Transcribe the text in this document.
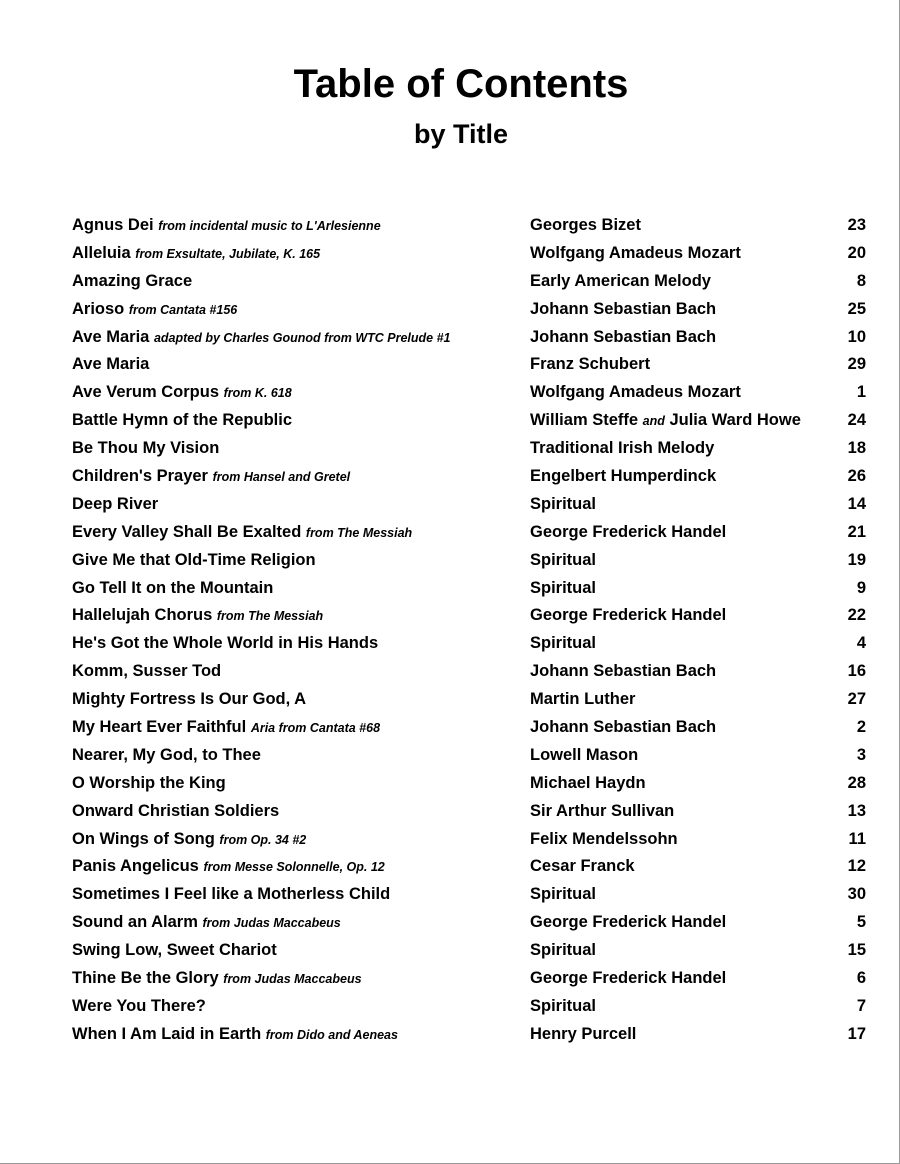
Table of Contents
by Title
Agnus Dei from incidental music to L'Arlesienne	Georges Bizet	23
Alleluia from Exsultate, Jubilate, K. 165	Wolfgang Amadeus Mozart	20
Amazing Grace	Early American Melody	8
Arioso from Cantata #156	Johann Sebastian Bach	25
Ave Maria adapted by Charles Gounod from WTC Prelude #1	Johann Sebastian Bach	10
Ave Maria	Franz Schubert	29
Ave Verum Corpus from K. 618	Wolfgang Amadeus Mozart	1
Battle Hymn of the Republic	William Steffe and Julia Ward Howe	24
Be Thou My Vision	Traditional Irish Melody	18
Children's Prayer from Hansel and Gretel	Engelbert Humperdinck	26
Deep River	Spiritual	14
Every Valley Shall Be Exalted from The Messiah	George Frederick Handel	21
Give Me that Old-Time Religion	Spiritual	19
Go Tell It on the Mountain	Spiritual	9
Hallelujah Chorus from The Messiah	George Frederick Handel	22
He's Got the Whole World in His Hands	Spiritual	4
Komm, Susser Tod	Johann Sebastian Bach	16
Mighty Fortress Is Our God, A	Martin Luther	27
My Heart Ever Faithful Aria from Cantata #68	Johann Sebastian Bach	2
Nearer, My God, to Thee	Lowell Mason	3
O Worship the King	Michael Haydn	28
Onward Christian Soldiers	Sir Arthur Sullivan	13
On Wings of Song from Op. 34 #2	Felix Mendelssohn	11
Panis Angelicus from Messe Solonnelle, Op. 12	Cesar Franck	12
Sometimes I Feel like a Motherless Child	Spiritual	30
Sound an Alarm from Judas Maccabeus	George Frederick Handel	5
Swing Low, Sweet Chariot	Spiritual	15
Thine Be the Glory from Judas Maccabeus	George Frederick Handel	6
Were You There?	Spiritual	7
When I Am Laid in Earth from Dido and Aeneas	Henry Purcell	17
